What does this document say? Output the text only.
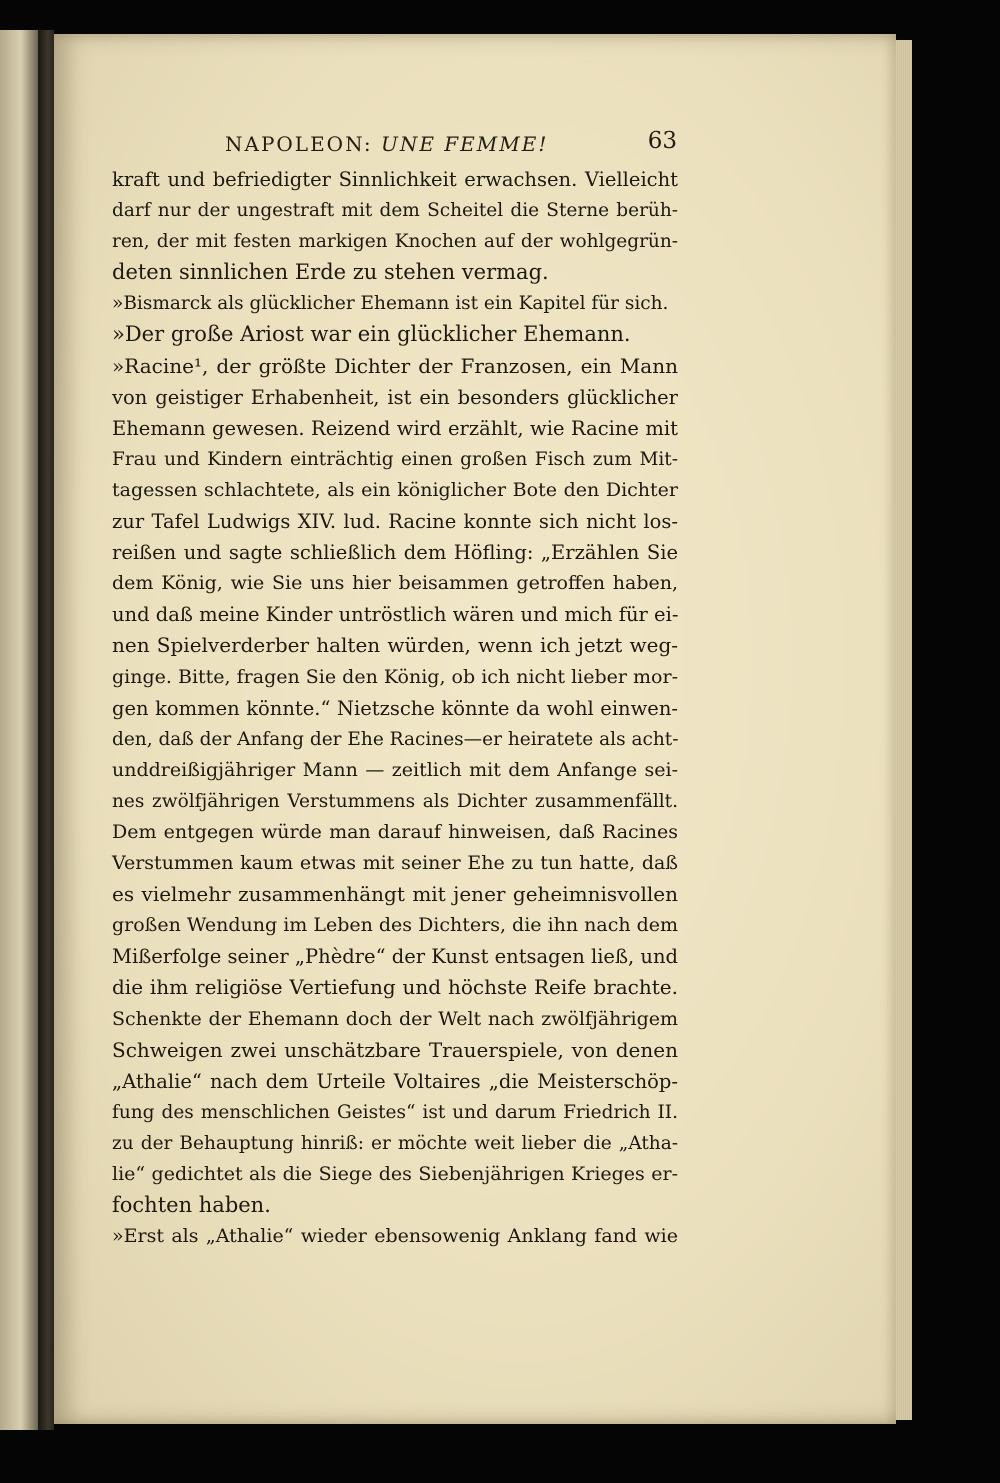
NAPOLEON: UNE FEMME!	63
kraft und befriedigter Sinnlichkeit erwachsen. Vielleicht
darf nur der ungestraft mit dem Scheitel die Sterne berüh-
ren, der mit festen markigen Knochen auf der wohlgegrün-
deten sinnlichen Erde zu stehen vermag.
»Bismarck als glücklicher Ehemann ist ein Kapitel für sich.
»Der große Ariost war ein glücklicher Ehemann.
»Racine¹, der größte Dichter der Franzosen, ein Mann
von geistiger Erhabenheit, ist ein besonders glücklicher
Ehemann gewesen. Reizend wird erzählt, wie Racine mit
Frau und Kindern einträchtig einen großen Fisch zum Mit-
tagessen schlachtete, als ein königlicher Bote den Dichter
zur Tafel Ludwigs XIV. lud. Racine konnte sich nicht los-
reißen und sagte schließlich dem Höfling: „Erzählen Sie
dem König, wie Sie uns hier beisammen getroffen haben,
und daß meine Kinder untröstlich wären und mich für ei-
nen Spielverderber halten würden, wenn ich jetzt weg-
ginge. Bitte, fragen Sie den König, ob ich nicht lieber mor-
gen kommen könnte.“ Nietzsche könnte da wohl einwen-
den, daß der Anfang der Ehe Racines—er heiratete als acht-
unddreißigjähriger Mann — zeitlich mit dem Anfange sei-
nes zwölfjährigen Verstummens als Dichter zusammenfällt.
Dem entgegen würde man darauf hinweisen, daß Racines
Verstummen kaum etwas mit seiner Ehe zu tun hatte, daß
es vielmehr zusammenhängt mit jener geheimnisvollen
großen Wendung im Leben des Dichters, die ihn nach dem
Mißerfolge seiner „Phèdre“ der Kunst entsagen ließ, und
die ihm religiöse Vertiefung und höchste Reife brachte.
Schenkte der Ehemann doch der Welt nach zwölfjährigem
Schweigen zwei unschätzbare Trauerspiele, von denen
„Athalie“ nach dem Urteile Voltaires „die Meisterschöp-
fung des menschlichen Geistes“ ist und darum Friedrich II.
zu der Behauptung hinriß: er möchte weit lieber die „Atha-
lie“ gedichtet als die Siege des Siebenjährigen Krieges er-
fochten haben.
»Erst als „Athalie“ wieder ebensowenig Anklang fand wie
